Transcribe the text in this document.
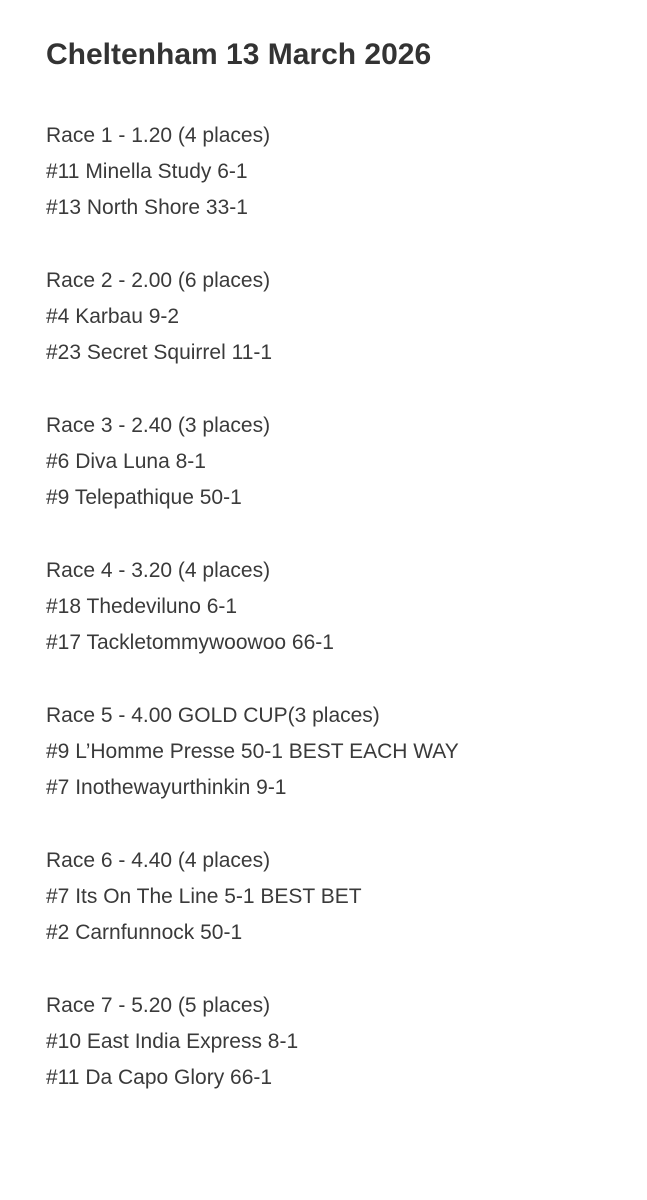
Cheltenham 13 March 2026
Race 1 - 1.20 (4 places)
#11 Minella Study 6-1
#13 North Shore 33-1
Race 2 - 2.00 (6 places)
#4 Karbau 9-2
#23 Secret Squirrel 11-1
Race 3 - 2.40 (3 places)
#6 Diva Luna 8-1
#9 Telepathique 50-1
Race 4 - 3.20 (4 places)
#18 Thedeviluno 6-1
#17 Tackletommywoowoo 66-1
Race 5 - 4.00 GOLD CUP(3 places)
#9 L’Homme Presse 50-1 BEST EACH WAY
#7 Inothewayurthinkin 9-1
Race 6 - 4.40 (4 places)
#7 Its On The Line 5-1 BEST BET
#2 Carnfunnock 50-1
Race 7 - 5.20 (5 places)
#10 East India Express 8-1
#11 Da Capo Glory 66-1
